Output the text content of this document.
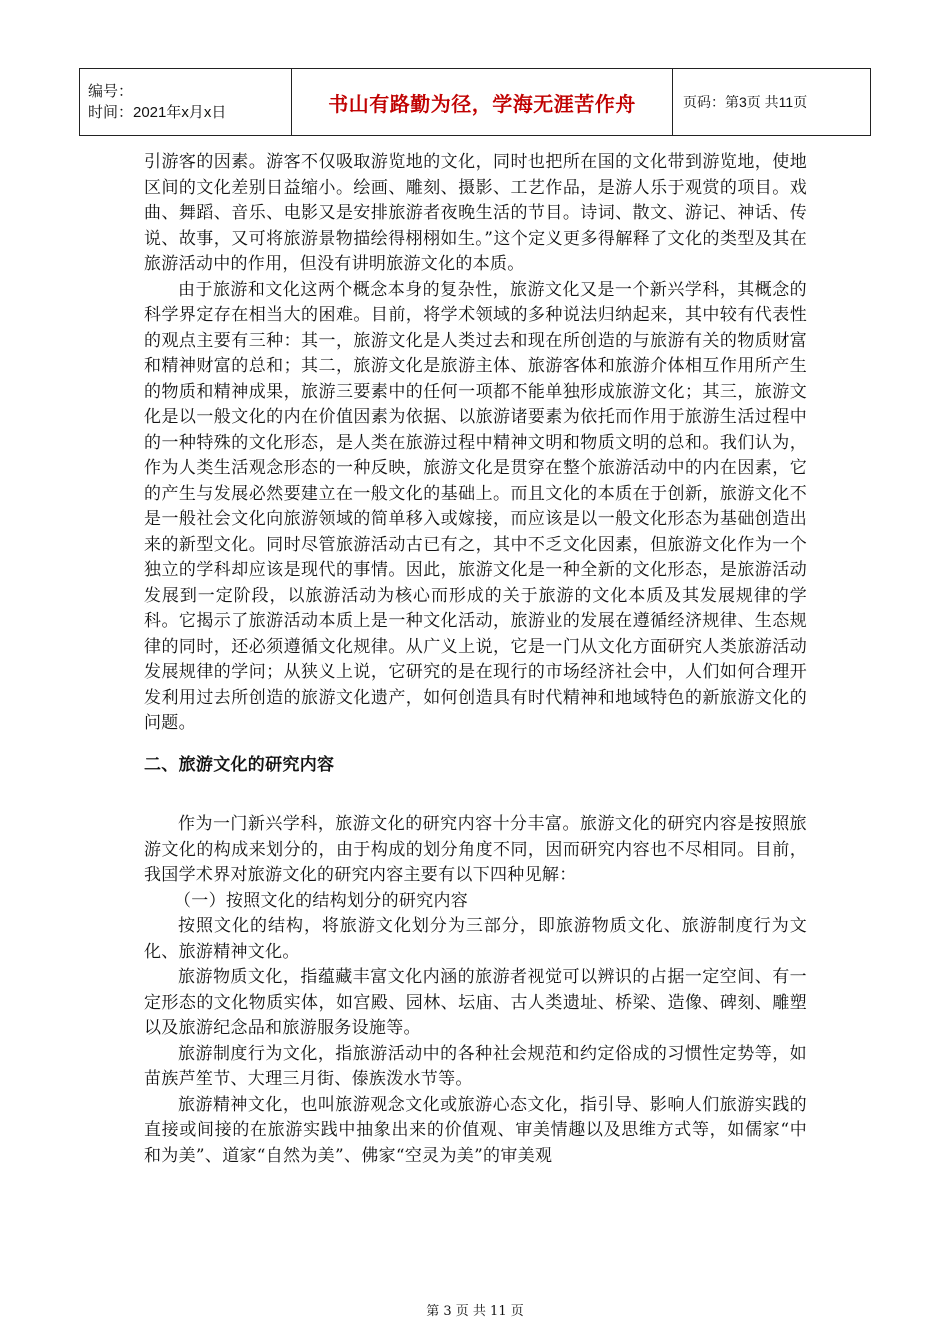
编号：
时间：2021年x月x日	书山有路勤为径，学海无涯苦作舟	页码：第3页 共11页

引游客的因素。游客不仅吸取游览地的文化，同时也把所在国的文化带到游览地，使地区间的文化差别日益缩小。绘画、雕刻、摄影、工艺作品，是游人乐于观赏的项目。戏曲、舞蹈、音乐、电影又是安排旅游者夜晚生活的节目。诗词、散文、游记、神话、传说、故事，又可将旅游景物描绘得栩栩如生。”这个定义更多得解释了文化的类型及其在旅游活动中的作用，但没有讲明旅游文化的本质。

由于旅游和文化这两个概念本身的复杂性，旅游文化又是一个新兴学科，其概念的科学界定存在相当大的困难。目前，将学术领域的多种说法归纳起来，其中较有代表性的观点主要有三种：其一，旅游文化是人类过去和现在所创造的与旅游有关的物质财富和精神财富的总和；其二，旅游文化是旅游主体、旅游客体和旅游介体相互作用所产生的物质和精神成果，旅游三要素中的任何一项都不能单独形成旅游文化；其三，旅游文化是以一般文化的内在价值因素为依据、以旅游诸要素为依托而作用于旅游生活过程中的一种特殊的文化形态，是人类在旅游过程中精神文明和物质文明的总和。我们认为，作为人类生活观念形态的一种反映，旅游文化是贯穿在整个旅游活动中的内在因素，它的产生与发展必然要建立在一般文化的基础上。而且文化的本质在于创新，旅游文化不是一般社会文化向旅游领域的简单移入或嫁接，而应该是以一般文化形态为基础创造出来的新型文化。同时尽管旅游活动古已有之，其中不乏文化因素，但旅游文化作为一个独立的学科却应该是现代的事情。因此，旅游文化是一种全新的文化形态，是旅游活动发展到一定阶段，以旅游活动为核心而形成的关于旅游的文化本质及其发展规律的学科。它揭示了旅游活动本质上是一种文化活动，旅游业的发展在遵循经济规律、生态规律的同时，还必须遵循文化规律。从广义上说，它是一门从文化方面研究人类旅游活动发展规律的学问；从狭义上说，它研究的是在现行的市场经济社会中，人们如何合理开发利用过去所创造的旅游文化遗产，如何创造具有时代精神和地域特色的新旅游文化的问题。

二、旅游文化的研究内容

作为一门新兴学科，旅游文化的研究内容十分丰富。旅游文化的研究内容是按照旅游文化的构成来划分的，由于构成的划分角度不同，因而研究内容也不尽相同。目前，我国学术界对旅游文化的研究内容主要有以下四种见解：

（一）按照文化的结构划分的研究内容

按照文化的结构，将旅游文化划分为三部分，即旅游物质文化、旅游制度行为文化、旅游精神文化。

旅游物质文化，指蕴藏丰富文化内涵的旅游者视觉可以辨识的占据一定空间、有一定形态的文化物质实体，如宫殿、园林、坛庙、古人类遗址、桥梁、造像、碑刻、雕塑以及旅游纪念品和旅游服务设施等。

旅游制度行为文化，指旅游活动中的各种社会规范和约定俗成的习惯性定势等，如苗族芦笙节、大理三月街、傣族泼水节等。

旅游精神文化，也叫旅游观念文化或旅游心态文化，指引导、影响人们旅游实践的直接或间接的在旅游实践中抽象出来的价值观、审美情趣以及思维方式等，如儒家“中和为美”、道家“自然为美”、佛家“空灵为美”的审美观

第 3 页 共 11 页
